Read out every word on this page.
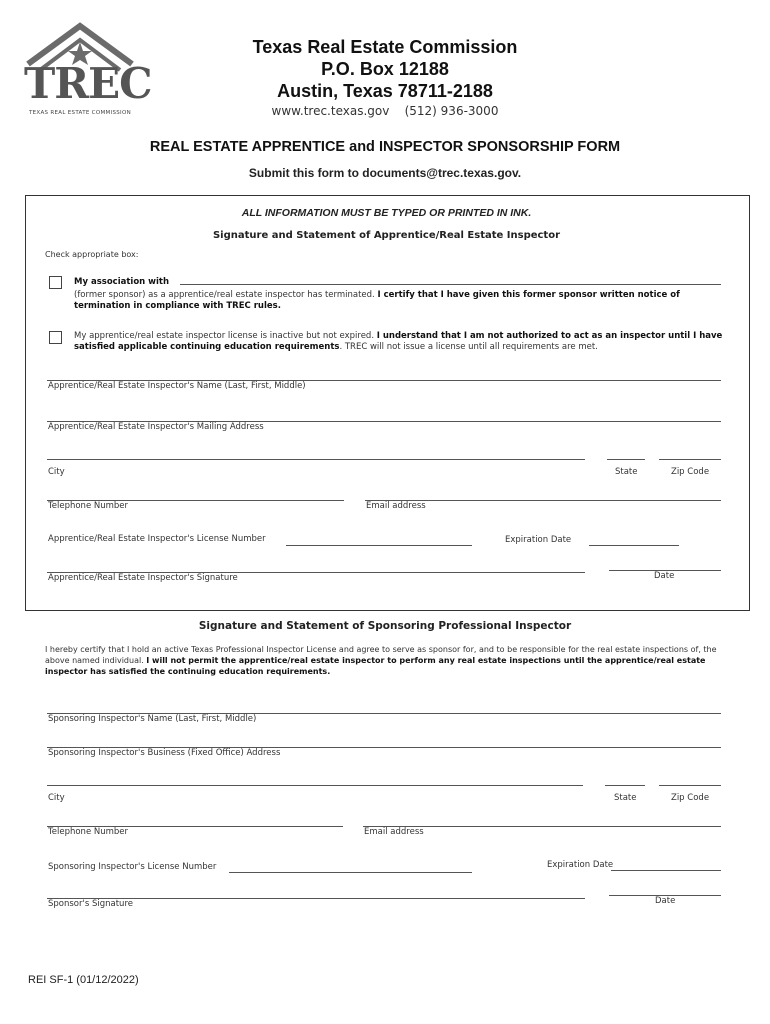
TREC
TEXAS REAL ESTATE COMMISSION
Texas Real Estate Commission
P.O. Box 12188
Austin, Texas 78711-2188
www.trec.texas.gov (512) 936-3000
REAL ESTATE APPRENTICE and INSPECTOR SPONSORSHIP FORM
Submit this form to documents@trec.texas.gov.
ALL INFORMATION MUST BE TYPED OR PRINTED IN INK.
Signature and Statement of Apprentice/Real Estate Inspector
Check appropriate box:
My association with
(former sponsor) as a apprentice/real estate inspector has terminated. I certify that I have given this former sponsor written notice of termination in compliance with TREC rules.
My apprentice/real estate inspector license is inactive but not expired. I understand that I am not authorized to act as an inspector until I have satisfied applicable continuing education requirements. TREC will not issue a license until all requirements are met.
Apprentice/Real Estate Inspector's Name (Last, First, Middle)
Apprentice/Real Estate Inspector's Mailing Address
City	State	Zip Code
Telephone Number	Email address
Apprentice/Real Estate Inspector's License Number	Expiration Date
Apprentice/Real Estate Inspector's Signature	Date
Signature and Statement of Sponsoring Professional Inspector
I hereby certify that I hold an active Texas Professional Inspector License and agree to serve as sponsor for, and to be responsible for the real estate inspections of, the above named individual. I will not permit the apprentice/real estate inspector to perform any real estate inspections until the apprentice/real estate inspector has satisfied the continuing education requirements.
Sponsoring Inspector's Name (Last, First, Middle)
Sponsoring Inspector's Business (Fixed Office) Address
City	State	Zip Code
Telephone Number	Email address
Sponsoring Inspector's License Number	Expiration Date
Sponsor's Signature	Date
REI SF-1 (01/12/2022)
